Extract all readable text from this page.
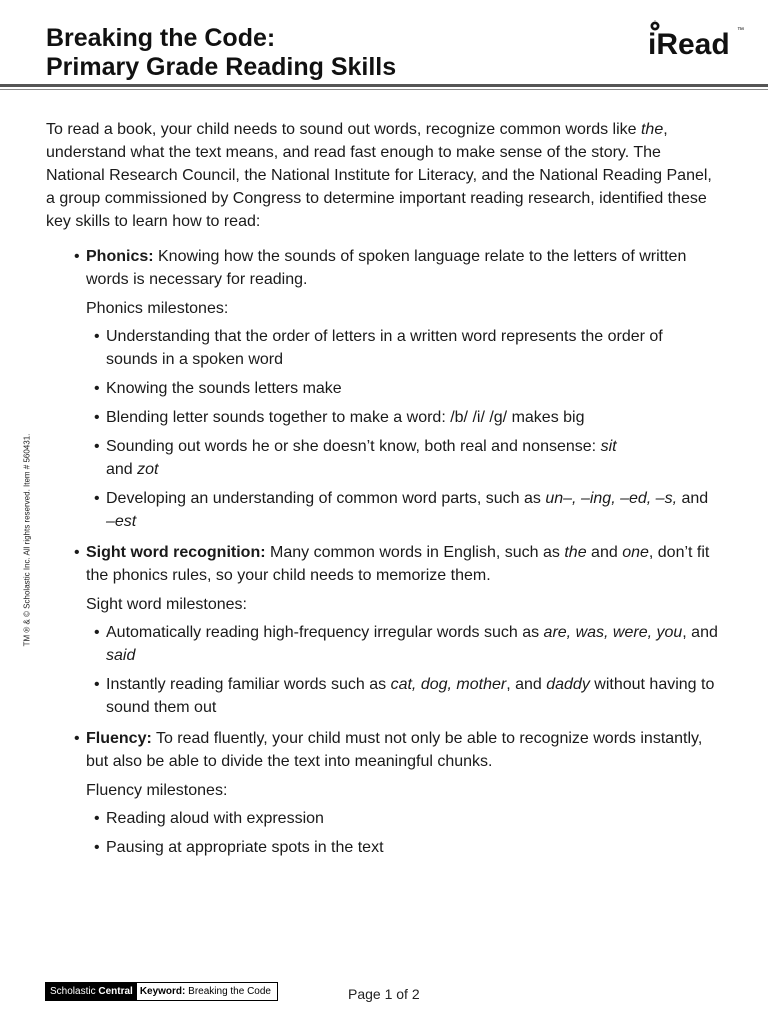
Breaking the Code:
Primary Grade Reading Skills
iRead ™
TM ® & © Scholastic Inc. All rights reserved. Item # 560431.

To read a book, your child needs to sound out words, recognize common words like the, understand what the text means, and read fast enough to make sense of the story. The National Research Council, the National Institute for Literacy, and the National Reading Panel, a group commissioned by Congress to determine important reading research, identified these key skills to learn how to read:

• Phonics: Knowing how the sounds of spoken language relate to the letters of written words is necessary for reading.
Phonics milestones:
• Understanding that the order of letters in a written word represents the order of sounds in a spoken word
• Knowing the sounds letters make
• Blending letter sounds together to make a word: /b/ /i/ /g/ makes big
• Sounding out words he or she doesn’t know, both real and nonsense: sit
and zot
• Developing an understanding of common word parts, such as un–, –ing, –ed, –s, and –est
• Sight word recognition: Many common words in English, such as the and one, don’t fit the phonics rules, so your child needs to memorize them.
Sight word milestones:
• Automatically reading high-frequency irregular words such as are, was, were, you, and said
• Instantly reading familiar words such as cat, dog, mother, and daddy without having to sound them out
• Fluency: To read fluently, your child must not only be able to recognize words instantly, but also be able to divide the text into meaningful chunks.
Fluency milestones:
• Reading aloud with expression
• Pausing at appropriate spots in the text
Scholastic Central Keyword: Breaking the Code	Page 1 of 2
